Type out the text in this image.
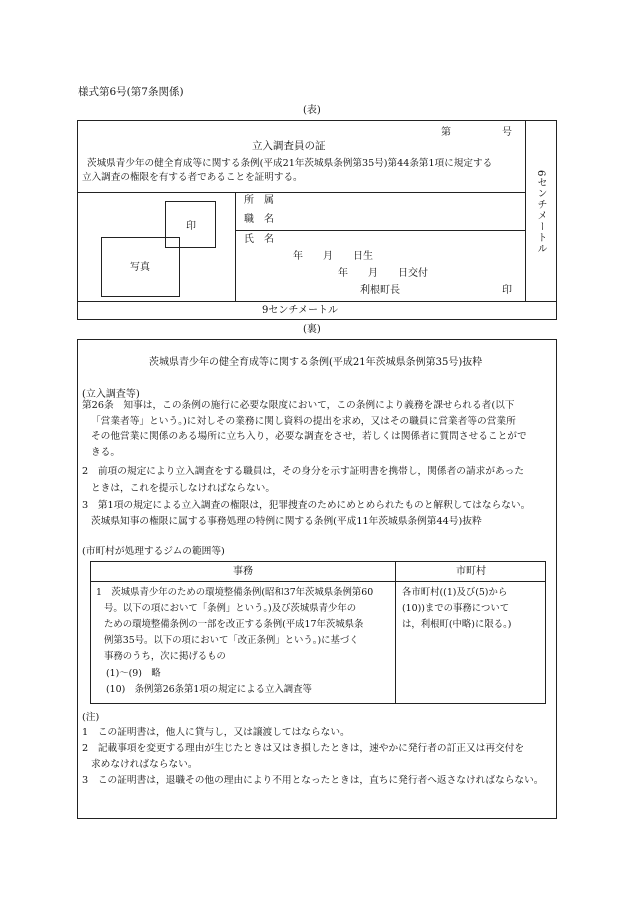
様式第6号(第7条関係)
(表)
第	号
立入調査員の証
茨城県青少年の健全育成等に関する条例(平成21年茨城県条例第35号)第44条第1項に規定する
立入調査の権限を有する者であることを証明する。
印
写真
所　属
職　名
氏　名
年　　月　　日生
年　　月　　日交付
利根町長	印
6センチメートル
9センチメートル
(裏)
茨城県青少年の健全育成等に関する条例(平成21年茨城県条例第35号)抜粋
(立入調査等)
第26条　知事は，この条例の施行に必要な限度において，この条例により義務を課せられる者(以下
「営業者等」という。)に対しその業務に関し資料の提出を求め，又はその職員に営業者等の営業所
その他営業に関係のある場所に立ち入り，必要な調査をさせ，若しくは関係者に質問させることがで
きる。
2　前項の規定により立入調査をする職員は，その身分を示す証明書を携帯し，関係者の請求があった
ときは，これを提示しなければならない。
3　第1項の規定による立入調査の権限は，犯罪捜査のためにめとめられたものと解釈してはならない。
茨城県知事の権限に属する事務処理の特例に関する条例(平成11年茨城県条例第44号)抜粋
(市町村が処理するジムの範囲等)
事務	市町村
1　茨城県青少年のための環境整備条例(昭和37年茨城県条例第60
号。以下の項において「条例」という。)及び茨城県青少年の
ための環境整備条例の一部を改正する条例(平成17年茨城県条
例第35号。以下の項において「改正条例」という。)に基づく
事務のうち，次に掲げるもの
(1)～(9)　略
(10)　条例第26条第1項の規定による立入調査等
各市町村((1)及び(5)から
(10))までの事務について
は，利根町(中略)に限る。)
(注)
1　この証明書は，他人に貸与し，又は譲渡してはならない。
2　記載事項を変更する理由が生じたときは又はき損したときは，速やかに発行者の訂正又は再交付を
求めなければならない。
3　この証明書は，退職その他の理由により不用となったときは，直ちに発行者へ返さなければならない。
